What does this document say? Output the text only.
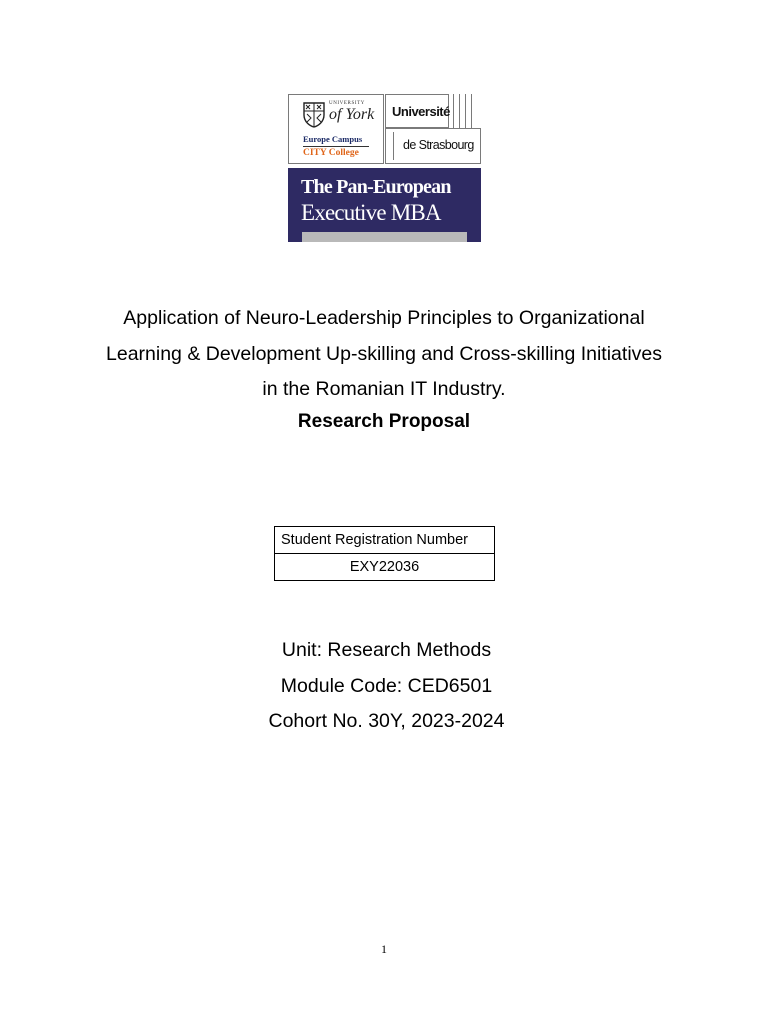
UNIVERSITY
of York
Europe Campus
CITY College
Université
de Strasbourg
The Pan-European
Executive MBA
Application of Neuro-Leadership Principles to Organizational
Learning & Development Up-skilling and Cross-skilling Initiatives
in the Romanian IT Industry.
Research Proposal
Student Registration Number
EXY22036
Unit: Research Methods
Module Code: CED6501
Cohort No. 30Y, 2023-2024
1
